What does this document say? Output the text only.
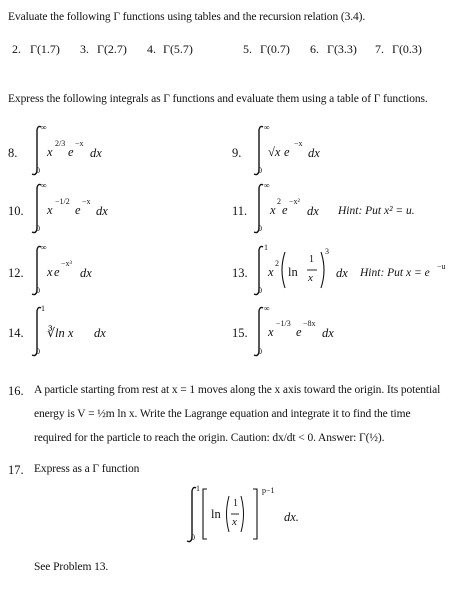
Evaluate the following Γ functions using tables and the recursion relation (3.4).
2. Γ(1.7) 3. Γ(2.7) 4. Γ(5.7)	5. Γ(0.7) 6. Γ(3.3) 7. Γ(0.3)
Express the following integrals as Γ functions and evaluate them using a table of Γ functions.
8.
∞
0
x
2/3
e
−x
dx	9.
∞
0
√x e
−x
dx
10.
∞
0
x
−1/2
e
−x
dx	11.
∞
0
x
2
e
−x²
dx Hint: Put x² = u.
12.
∞
0
x e
−x³
dx	13.
1
0
x
2
ln
1
x
3
dx Hint: Put x = e
−u
14.
1
0
∛ln x dx	15.
∞
0
x
−1/3
e
−8x
dx
16. A particle starting from rest at x = 1 moves along the x axis toward the origin. Its potential
energy is V = ½m ln x. Write the Lagrange equation and integrate it to find the time
required for the particle to reach the origin. Caution: dx/dt < 0. Answer: Γ(½).
17. Express as a Γ function
1
0
ln
1
x
p−1
dx.
See Problem 13.
